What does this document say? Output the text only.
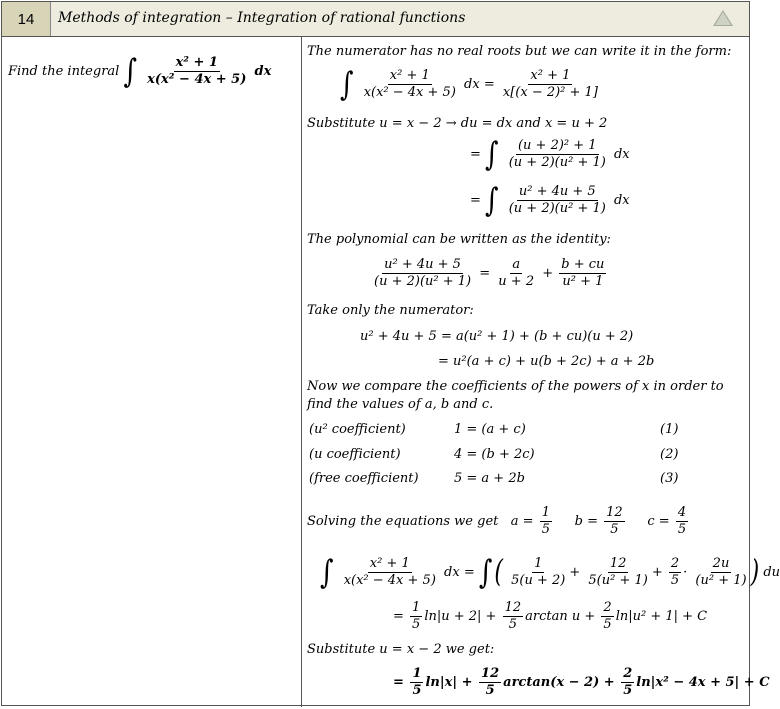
14	Methods of integration – Integration of rational functions
Find the integral ∫ $\frac{\text{x² + 1}}{\text{x(x² − 4x + 5)}}$ dx
The numerator has no real roots but we can write it in the form:
∫ $\frac{\text{x² + 1}}{\text{x(x² − 4x + 5)}}$ dx = $\frac{\text{x² + 1}}{\text{x[(x − 2)² + 1]}}$
Substitute u = x − 2 → du = dx and x = u + 2
= ∫ $\frac{\text{(u + 2)² + 1}}{\text{(u + 2)(u² + 1)}}$ dx
= ∫ $\frac{\text{u² + 4u + 5}}{\text{(u + 2)(u² + 1)}}$ dx
The polynomial can be written as the identity:
$\frac{\text{u² + 4u + 5}}{\text{(u + 2)(u² + 1)}} = \frac{a}{u + 2} + \frac{b + cu}{\text{u² + 1}}$
Take only the numerator:
u² + 4u + 5 = a(u² + 1) + (b + cu)(u + 2)
= u²(a + c) + u(b + 2c) + a + 2b
Now we compare the coefficients of the powers of x in order to
find the values of a, b and c.
(u² coefficient)	1 = (a + c)	(1)
(u coefficient)	4 = (b + 2c)	(2)
(free coefficient)	5 = a + 2b	(3)
Solving the equations we get $a = \frac{1}{5}$ $b = \frac{12}{5}$ $c = \frac{4}{5}$
∫ $\frac{\text{x² + 1}}{\text{x(x² − 4x + 5)}}$ dx = ∫( $\frac{1}{5(u + 2)} + \frac{12}{\text{5(u² + 1)}} + \frac{2}{5} \cdot \frac{2u}{\text{(u² + 1)}}$ ) du
= $\frac{1}{5} \ln|u + 2| + \frac{12}{5}$ $\arctan u + \frac{2}{5} \ln|u^2 + 1| + C$
Substitute u = x − 2 we get:
= $\frac{1}{5} \ln|x| + \frac{12}{5} \arctan(x - 2) + \frac{2}{5} \ln|x^2 - 4x + 5| + C$
